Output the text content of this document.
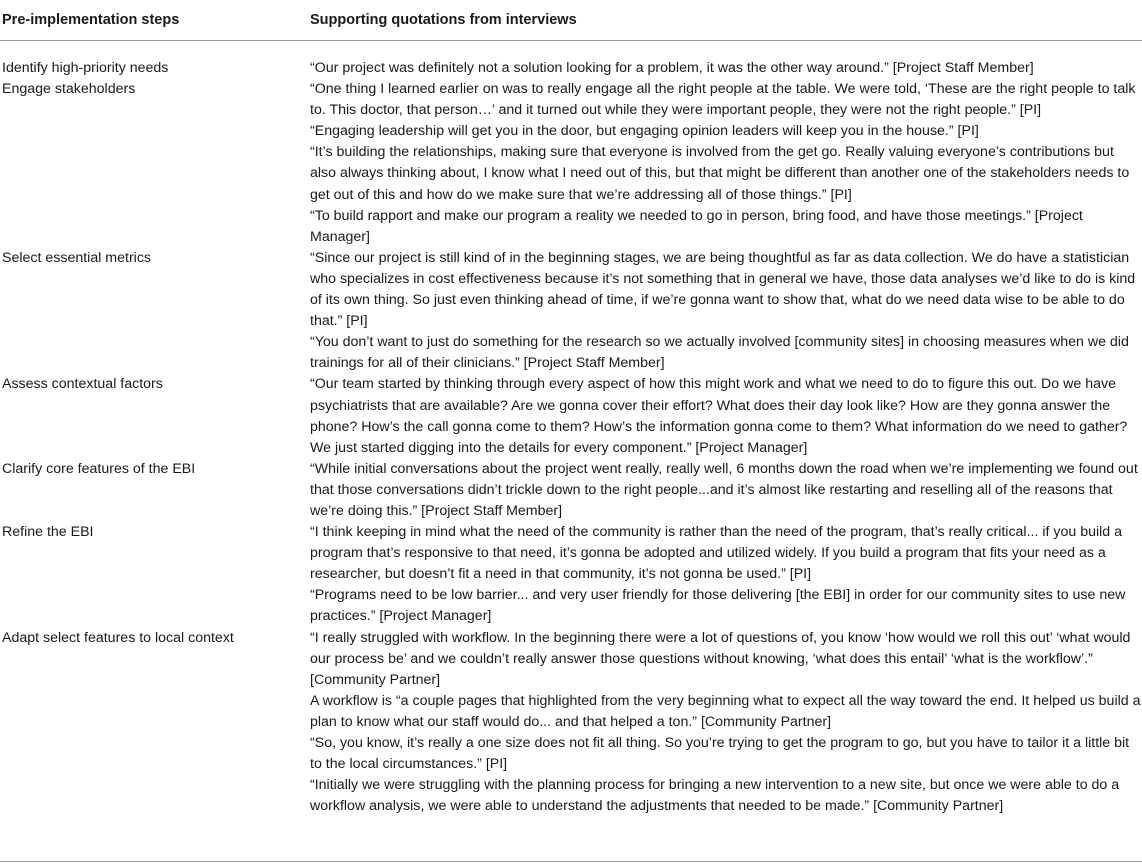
Pre-implementation steps	Supporting quotations from interviews
Identify high-priority needs	“Our project was definitely not a solution looking for a problem, it was the other way around.” [Project Staff Member]
Engage stakeholders	“One thing I learned earlier on was to really engage all the right people at the table. We were told, ‘These are the right people to talk to. This doctor, that person…’ and it turned out while they were important people, they were not the right people.” [PI]
“Engaging leadership will get you in the door, but engaging opinion leaders will keep you in the house.” [PI]
“It’s building the relationships, making sure that everyone is involved from the get go. Really valuing everyone’s contributions but also always thinking about, I know what I need out of this, but that might be different than another one of the stakeholders needs to get out of this and how do we make sure that we’re addressing all of those things.” [PI]
“To build rapport and make our program a reality we needed to go in person, bring food, and have those meetings.” [Project Manager]
Select essential metrics	“Since our project is still kind of in the beginning stages, we are being thoughtful as far as data collection. We do have a statistician who specializes in cost effectiveness because it’s not something that in general we have, those data analyses we’d like to do is kind of its own thing. So just even thinking ahead of time, if we’re gonna want to show that, what do we need data wise to be able to do that.” [PI]
“You don’t want to just do something for the research so we actually involved [community sites] in choosing measures when we did trainings for all of their clinicians.” [Project Staff Member]
Assess contextual factors	“Our team started by thinking through every aspect of how this might work and what we need to do to figure this out. Do we have psychiatrists that are available? Are we gonna cover their effort? What does their day look like? How are they gonna answer the phone? How’s the call gonna come to them? How’s the information gonna come to them? What information do we need to gather? We just started digging into the details for every component.” [Project Manager]
Clarify core features of the EBI	“While initial conversations about the project went really, really well, 6 months down the road when we’re implementing we found out that those conversations didn’t trickle down to the right people...and it’s almost like restarting and reselling all of the reasons that we’re doing this.” [Project Staff Member]
Refine the EBI	“I think keeping in mind what the need of the community is rather than the need of the program, that’s really critical... if you build a program that’s responsive to that need, it’s gonna be adopted and utilized widely. If you build a program that fits your need as a researcher, but doesn’t fit a need in that community, it’s not gonna be used.” [PI]
“Programs need to be low barrier... and very user friendly for those delivering [the EBI] in order for our community sites to use new practices.” [Project Manager]
Adapt select features to local context	“I really struggled with workflow. In the beginning there were a lot of questions of, you know ‘how would we roll this out’ ‘what would our process be’ and we couldn’t really answer those questions without knowing, ‘what does this entail’ ‘what is the workflow’.” [Community Partner]
A workflow is “a couple pages that highlighted from the very beginning what to expect all the way toward the end. It helped us build a plan to know what our staff would do... and that helped a ton.” [Community Partner]
“So, you know, it’s really a one size does not fit all thing. So you’re trying to get the program to go, but you have to tailor it a little bit to the local circumstances.” [PI]
“Initially we were struggling with the planning process for bringing a new intervention to a new site, but once we were able to do a workflow analysis, we were able to understand the adjustments that needed to be made.” [Community Partner]
